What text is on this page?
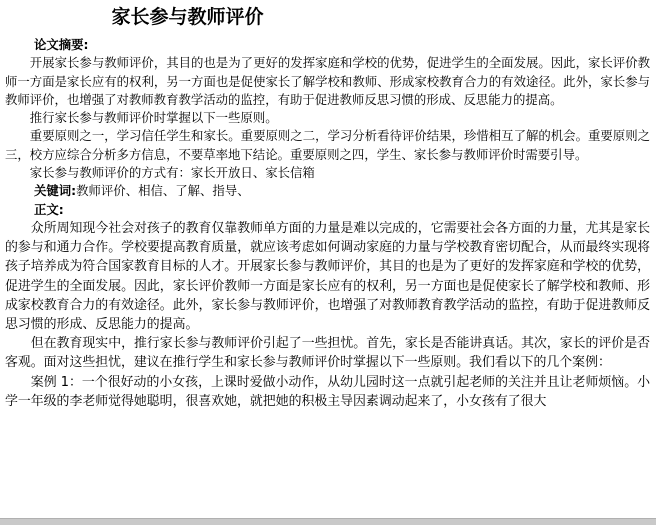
家长参与教师评价
论文摘要:

开展家长参与教师评价，其目的也是为了更好的发挥家庭和学校的优势，促进学生的全面发展。因此，家长评价教师一方面是家长应有的权利，另一方面也是促使家长了解学校和教师、形成家校教育合力的有效途径。此外，家长参与教师评价，也增强了对教师教育教学活动的监控，有助于促进教师反思习惯的形成、反思能力的提高。

推行家长参与教师评价时掌握以下一些原则。

重要原则之一，学习信任学生和家长。重要原则之二，学习分析看待评价结果，珍惜相互了解的机会。重要原则之三，校方应综合分析多方信息，不要草率地下结论。重要原则之四，学生、家长参与教师评价时需要引导。

家长参与教师评价的方式有：家长开放日、家长信箱

关键词:教师评价、相信、了解、指导、
正文:

众所周知现今社会对孩子的教育仅靠教师单方面的力量是难以完成的，它需要社会各方面的力量，尤其是家长的参与和通力合作。学校要提高教育质量，就应该考虑如何调动家庭的力量与学校教育密切配合，从而最终实现将孩子培养成为符合国家教育目标的人才。开展家长参与教师评价，其目的也是为了更好的发挥家庭和学校的优势，促进学生的全面发展。因此，家长评价教师一方面是家长应有的权利，另一方面也是促使家长了解学校和教师、形成家校教育合力的有效途径。此外，家长参与教师评价，也增强了对教师教育教学活动的监控，有助于促进教师反思习惯的形成、反思能力的提高。

但在教育现实中，推行家长参与教师评价引起了一些担忧。首先，家长是否能讲真话。其次，家长的评价是否客观。面对这些担忧，建议在推行学生和家长参与教师评价时掌握以下一些原则。我们看以下的几个案例：

案例 1：一个很好动的小女孩，上课时爱做小动作，从幼儿园时这一点就引起老师的关注并且让老师烦恼。小学一年级的李老师觉得她聪明，很喜欢她，就把她的积极主导因素调动起来了，小女孩有了很大
